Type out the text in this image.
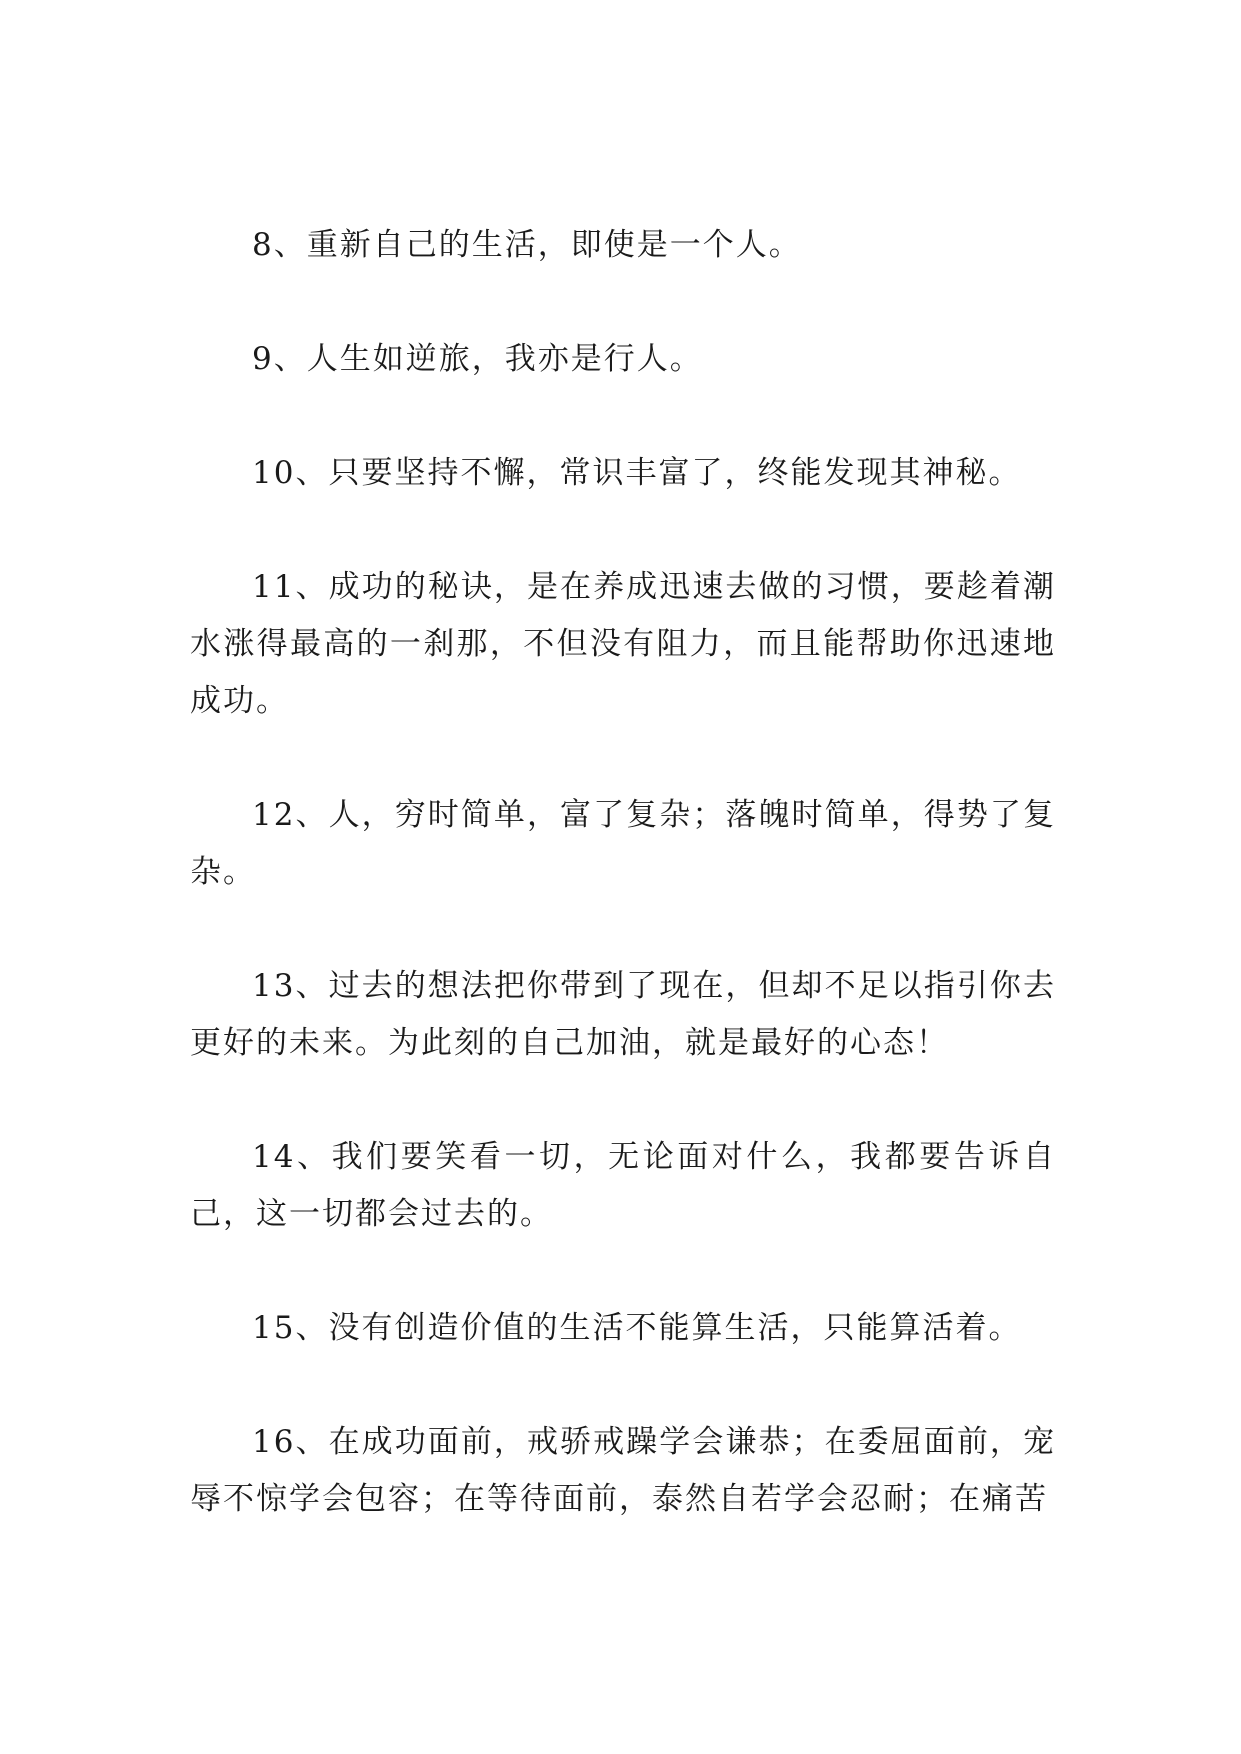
8、重新自己的生活，即使是一个人。

9、人生如逆旅，我亦是行人。

10、只要坚持不懈，常识丰富了，终能发现其神秘。

11、成功的秘诀，是在养成迅速去做的习惯，要趁着潮水涨得最高的一刹那，不但没有阻力，而且能帮助你迅速地成功。

12、人，穷时简单，富了复杂；落魄时简单，得势了复杂。

13、过去的想法把你带到了现在，但却不足以指引你去更好的未来。为此刻的自己加油，就是最好的心态！

14、我们要笑看一切，无论面对什么，我都要告诉自己，这一切都会过去的。

15、没有创造价值的生活不能算生活，只能算活着。

16、在成功面前，戒骄戒躁学会谦恭；在委屈面前，宠辱不惊学会包容；在等待面前，泰然自若学会忍耐；在痛苦
